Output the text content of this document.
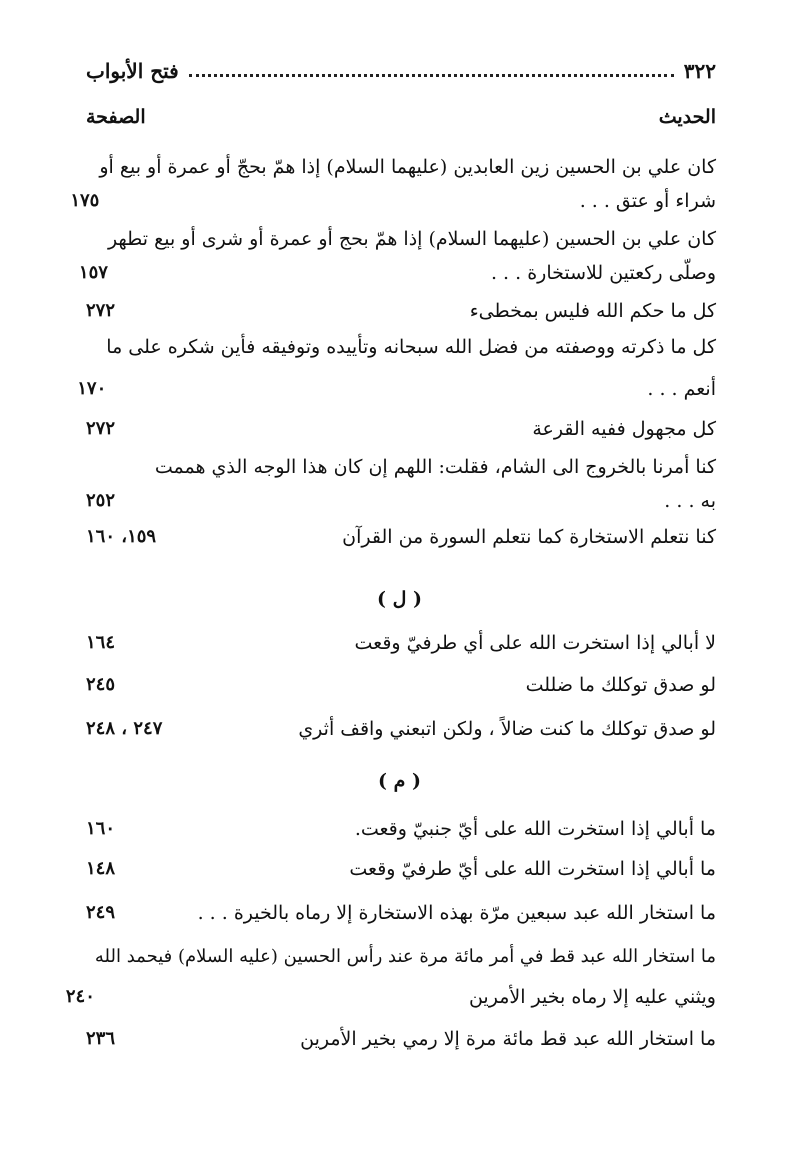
٣٢٢
فتح الأبواب
الحديث
الصفحة
كان علي بن الحسين زين العابدين (عليهما السلام) إذا همّ بحجّ أو عمرة أو بيع أو
شراء أو عتق . . .
١٧٥
كان علي بن الحسين (عليهما السلام) إذا همّ بحج أو عمرة أو شرى أو بيع تطهر
وصلّى ركعتين للاستخارة . . .
١٥٧
كل ما حكم الله فليس بمخطىء
٢٧٢
كل ما ذكرته ووصفته من فضل الله سبحانه وتأييده وتوفيقه فأين شكره على ما
أنعم . . .
١٧٠
كل مجهول ففيه القرعة
٢٧٢
كنا أمرنا بالخروج الى الشام، فقلت: اللهم إن كان هذا الوجه الذي هممت
به . . .
٢٥٢
كنا نتعلم الاستخارة كما نتعلم السورة من القرآن
١٥٩، ١٦٠
( ل )
لا أبالي إذا استخرت الله على أي طرفيّ وقعت
١٦٤
لو صدق توكلك ما ضللت
٢٤٥
لو صدق توكلك ما كنت ضالاً ، ولكن اتبعني واقف أثري
٢٤٧ ، ٢٤٨
( م )
ما أبالي إذا استخرت الله على أيّ جنبيّ وقعت.
١٦٠
ما أبالي إذا استخرت الله على أيّ طرفيّ وقعت
١٤٨
ما استخار الله عبد سبعين مرّة بهذه الاستخارة إلا رماه بالخيرة . . .
٢٤٩
ما استخار الله عبد قط في أمر مائة مرة عند رأس الحسين (عليه السلام) فيحمد الله
ويثني عليه إلا رماه بخير الأمرين
٢٤٠
ما استخار الله عبد قط مائة مرة إلا رمي بخير الأمرين
٢٣٦
